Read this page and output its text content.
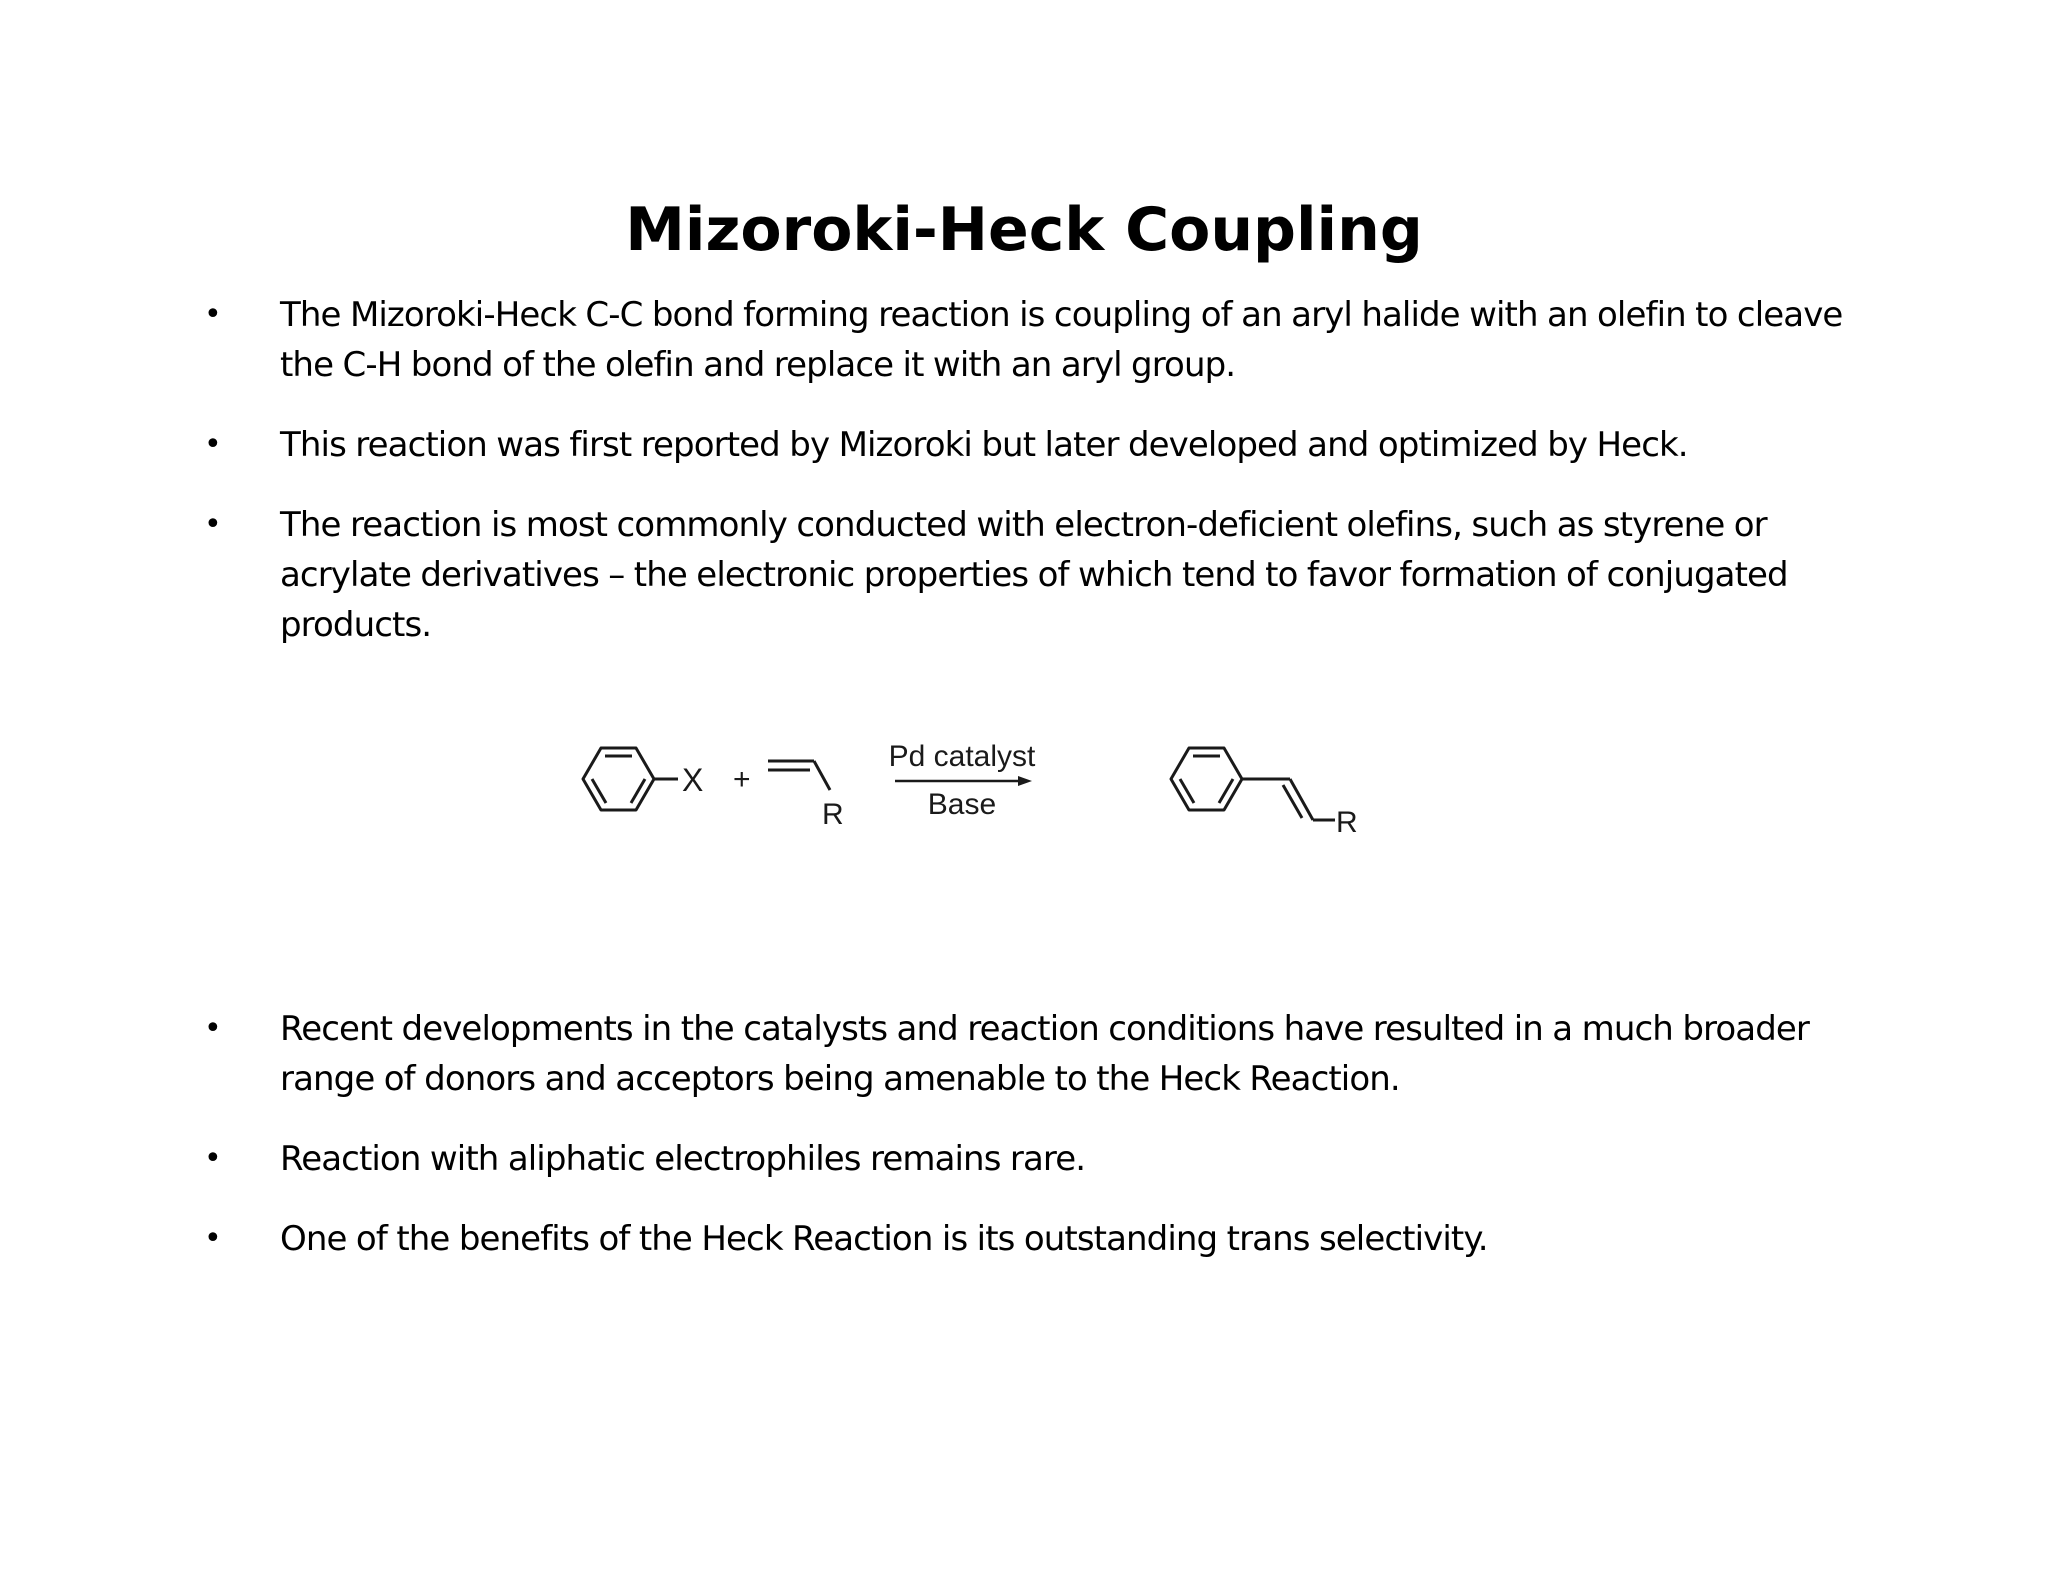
Mizoroki-Heck Coupling
• The Mizoroki-Heck C-C bond forming reaction is coupling of an aryl halide with an olefin to cleave the C-H bond of the olefin and replace it with an aryl group.
• This reaction was first reported by Mizoroki but later developed and optimized by Heck.
• The reaction is most commonly conducted with electron-deficient olefins, such as styrene or acrylate derivatives – the electronic properties of which tend to favor formation of conjugated products.
X +
R
Pd catalyst
Base
R
• Recent developments in the catalysts and reaction conditions have resulted in a much broader range of donors and acceptors being amenable to the Heck Reaction.
• Reaction with aliphatic electrophiles remains rare.
• One of the benefits of the Heck Reaction is its outstanding trans selectivity.
